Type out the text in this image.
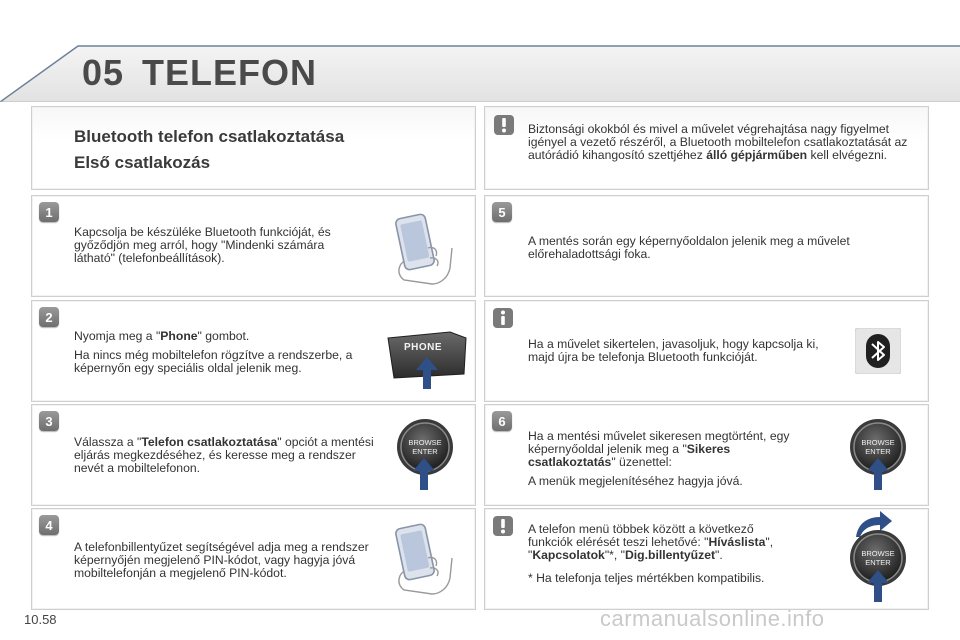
05 TELEFON
Bluetooth telefon csatlakoztatása
Első csatlakozás

Biztonsági okokból és mivel a művelet végrehajtása nagy figyelmet igényel a vezető részéről, a Bluetooth mobiltelefon csatlakoztatását az autórádió kihangosító szettjéhez álló gépjárműben kell elvégezni.

1

Kapcsolja be készüléke Bluetooth funkcióját, és győződjön meg arról, hogy "Mindenki számára látható" (telefonbeállítások).

2

Nyomja meg a "Phone" gombot.

Ha nincs még mobiltelefon rögzítve a rendszerbe, a képernyőn egy speciális oldal jelenik meg.

PHONE
3

Válassza a "Telefon csatlakoztatása" opciót a mentési eljárás megkezdéséhez, és keresse meg a rendszer nevét a mobiltelefonon.

BROWSE
ENTER
4

A telefonbillentyűzet segítségével adja meg a rendszer képernyőjén megjelenő PIN-kódot, vagy hagyja jóvá mobiltelefonján a megjelenő PIN-kódot.

5

A mentés során egy képernyőoldalon jelenik meg a művelet előrehaladottsági foka.

Ha a művelet sikertelen, javasoljuk, hogy kapcsolja ki, majd újra be telefonja Bluetooth funkcióját.

6

Ha a mentési művelet sikeresen megtörtént, egy képernyőoldal jelenik meg a "Sikeres csatlakoztatás" üzenettel:

A menük megjelenítéséhez hagyja jóvá.

BROWSE
ENTER

A telefon menü többek között a következő funkciók elérését teszi lehetővé: "Híváslista", "Kapcsolatok"*, "Dig.billentyűzet".

* Ha telefonja teljes mértékben kompatibilis.

BROWSE
ENTER
10.58	carmanualsonline.info
